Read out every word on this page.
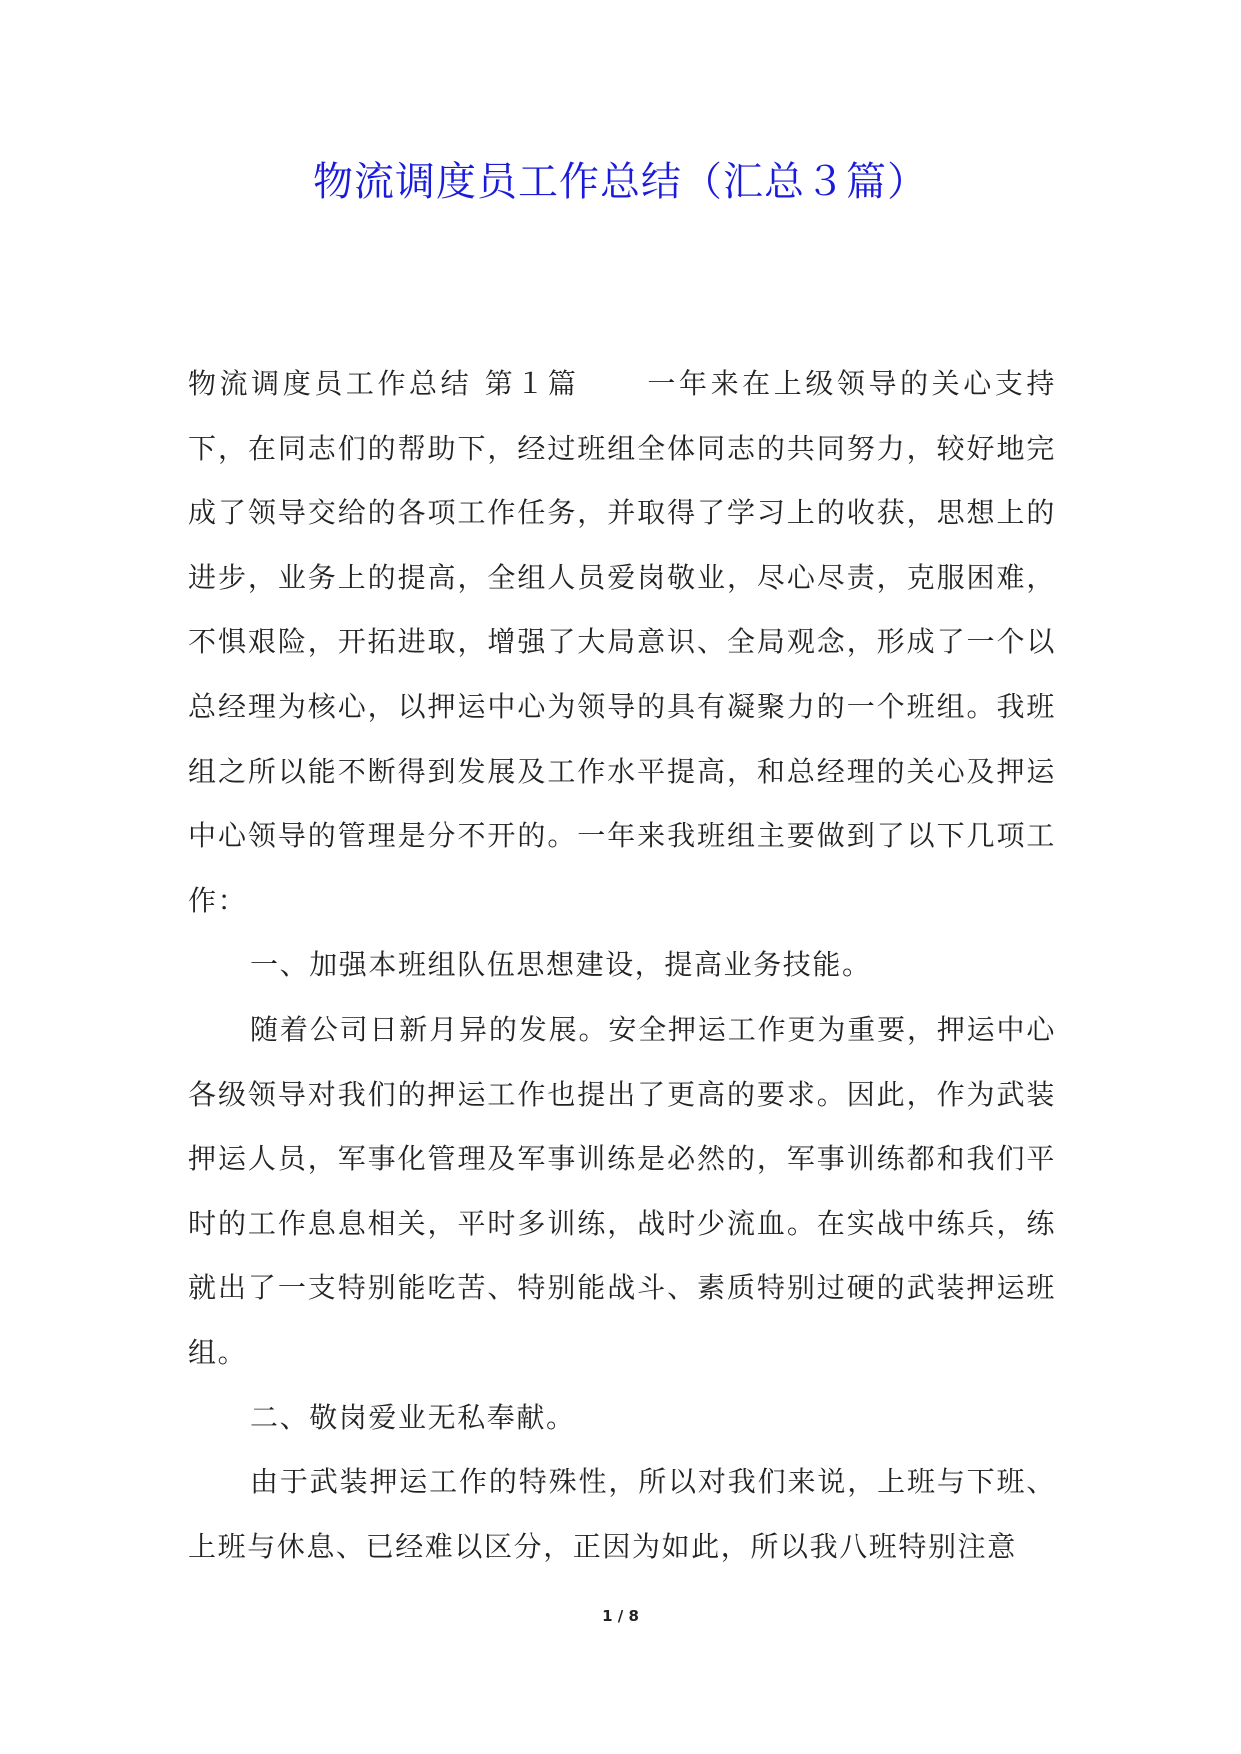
物流调度员工作总结（汇总３篇）

物流调度员工作总结 第１篇 一年来在上级领导的关心支持下，在同志们的帮助下，经过班组全体同志的共同努力，较好地完成了领导交给的各项工作任务，并取得了学习上的收获，思想上的进步，业务上的提高，全组人员爱岗敬业，尽心尽责，克服困难，不惧艰险，开拓进取，增强了大局意识、全局观念，形成了一个以总经理为核心，以押运中心为领导的具有凝聚力的一个班组。我班组之所以能不断得到发展及工作水平提高，和总经理的关心及押运中心领导的管理是分不开的。一年来我班组主要做到了以下几项工作：

一、加强本班组队伍思想建设，提高业务技能。

随着公司日新月异的发展。安全押运工作更为重要，押运中心各级领导对我们的押运工作也提出了更高的要求。因此，作为武装押运人员，军事化管理及军事训练是必然的，军事训练都和我们平时的工作息息相关，平时多训练，战时少流血。在实战中练兵，练就出了一支特别能吃苦、特别能战斗、素质特别过硬的武装押运班组。

二、敬岗爱业无私奉献。

由于武装押运工作的特殊性，所以对我们来说，上班与下班、上班与休息、已经难以区分，正因为如此，所以我八班特别注意

1 / 8
